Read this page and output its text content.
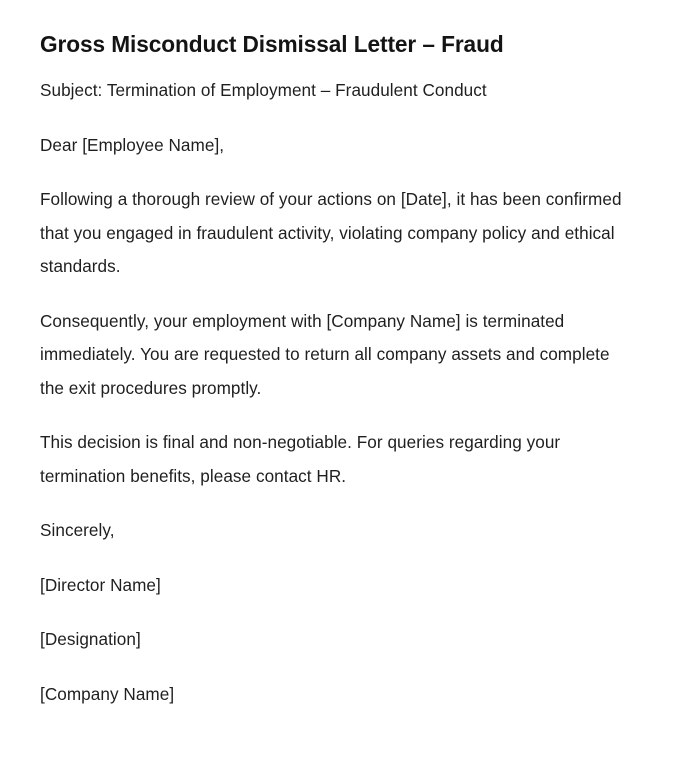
Gross Misconduct Dismissal Letter – Fraud

Subject: Termination of Employment – Fraudulent Conduct

Dear [Employee Name],

Following a thorough review of your actions on [Date], it has been confirmed that you engaged in fraudulent activity, violating company policy and ethical standards.

Consequently, your employment with [Company Name] is terminated immediately. You are requested to return all company assets and complete the exit procedures promptly.

This decision is final and non-negotiable. For queries regarding your termination benefits, please contact HR.

Sincerely,

[Director Name]

[Designation]

[Company Name]
